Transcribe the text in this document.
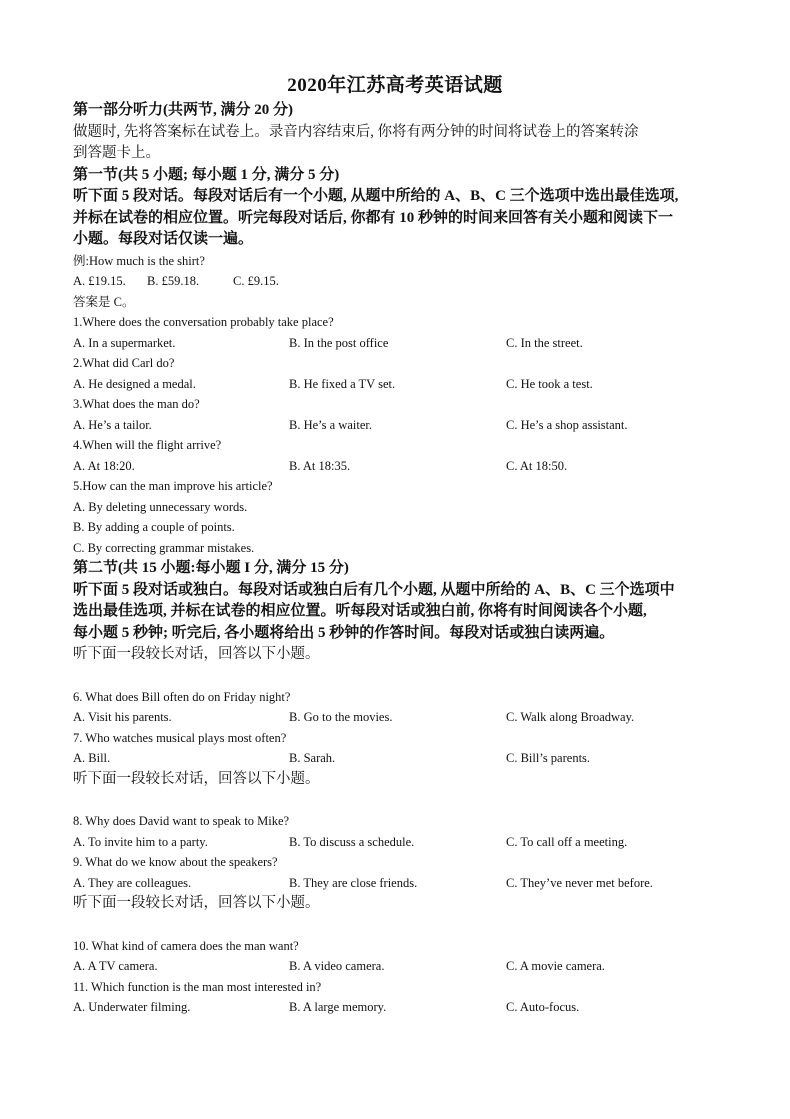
2020年江苏高考英语试题
第一部分听力(共两节, 满分 20 分)
做题时, 先将答案标在试卷上。录音内容结束后, 你将有两分钟的时间将试卷上的答案转涂
到答题卡上。
第一节(共 5 小题; 每小题 1 分, 满分 5 分)
听下面 5 段对话。每段对话后有一个小题, 从题中所给的 A、B、C 三个选项中选出最佳选项,
并标在试卷的相应位置。听完每段对话后, 你都有 10 秒钟的时间来回答有关小题和阅读下一
小题。每段对话仅读一遍。
例:How much is the shirt?
A. £19.15. B. £59.18.	C. £9.15.
答案是 C。
1.Where does the conversation probably take place?
A. In a supermarket.	B. In the post office	C. In the street.
2.What did Carl do?
A. He designed a medal.	B. He fixed a TV set.	C. He took a test.
3.What does the man do?
A. He’s a tailor.	B. He’s a waiter.	C. He’s a shop assistant.
4.When will the flight arrive?
A. At 18:20.	B. At 18:35.	C. At 18:50.
5.How can the man improve his article?
A. By deleting unnecessary words.
B. By adding a couple of points.
C. By correcting grammar mistakes.
第二节(共 15 小题:每小题 I 分, 满分 15 分)
听下面 5 段对话或独白。每段对话或独白后有几个小题, 从题中所给的 A、B、C 三个选项中
选出最佳选项, 并标在试卷的相应位置。听每段对话或独白前, 你将有时间阅读各个小题,
每小题 5 秒钟; 听完后, 各小题将给出 5 秒钟的作答时间。每段对话或独白读两遍。
听下面一段较长对话，回答以下小题。
6. What does Bill often do on Friday night?
A. Visit his parents.	B. Go to the movies.	C. Walk along Broadway.
7. Who watches musical plays most often?
A. Bill.	B. Sarah.	C. Bill’s parents.
听下面一段较长对话，回答以下小题。
8. Why does David want to speak to Mike?
A. To invite him to a party.	B. To discuss a schedule.	C. To call off a meeting.
9. What do we know about the speakers?
A. They are colleagues.	B. They are close friends.	C. They’ve never met before.
听下面一段较长对话，回答以下小题。
10. What kind of camera does the man want?
A. A TV camera.	B. A video camera.	C. A movie camera.
11. Which function is the man most interested in?
A. Underwater filming.	B. A large memory.	C. Auto-focus.
